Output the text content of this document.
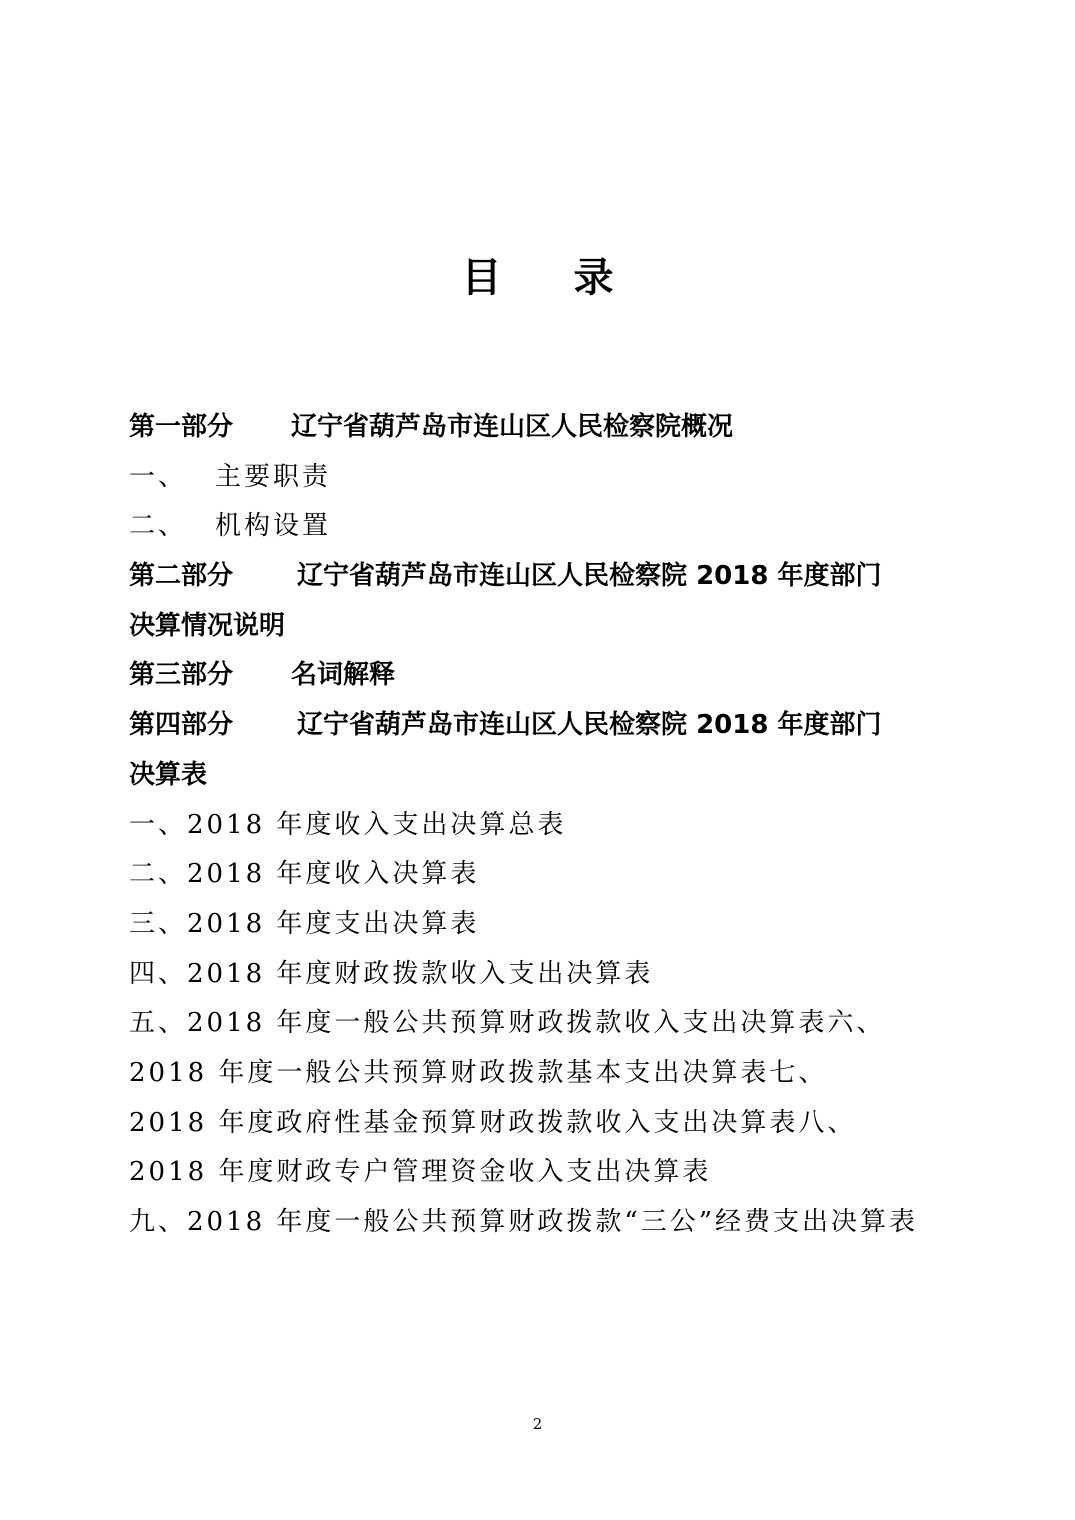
目录
第一部分 辽宁省葫芦岛市连山区人民检察院概况
一、 主要职责
二、 机构设置
第二部分 辽宁省葫芦岛市连山区人民检察院 2018 年度部门
决算情况说明
第三部分 名词解释
第四部分 辽宁省葫芦岛市连山区人民检察院 2018 年度部门
决算表
一、2018 年度收入支出决算总表
二、2018 年度收入决算表
三、2018 年度支出决算表
四、2018 年度财政拨款收入支出决算表
五、2018 年度一般公共预算财政拨款收入支出决算表六、
2018 年度一般公共预算财政拨款基本支出决算表七、
2018 年度政府性基金预算财政拨款收入支出决算表八、
2018 年度财政专户管理资金收入支出决算表
九、2018 年度一般公共预算财政拨款“三公”经费支出决算表
2
